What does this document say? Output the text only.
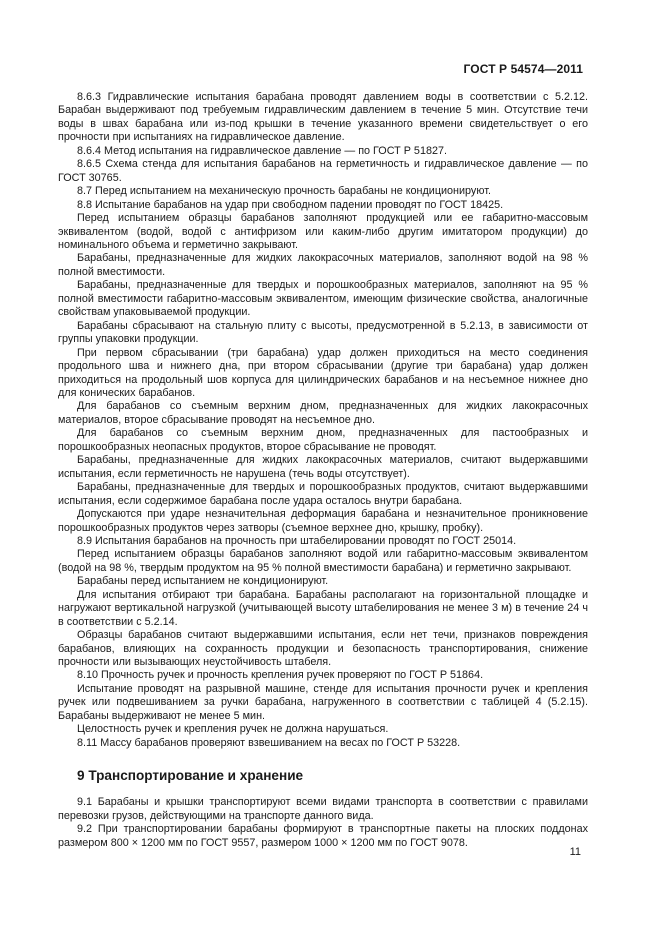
ГОСТ Р 54574—2011

8.6.3 Гидравлические испытания барабана проводят давлением воды в соответствии с 5.2.12. Барабан выдерживают под требуемым гидравлическим давлением в течение 5 мин. Отсутствие течи воды в швах барабана или из-под крышки в течение указанного времени свидетельствует о его прочности при испытаниях на гидравлическое давление.

8.6.4 Метод испытания на гидравлическое давление — по ГОСТ Р 51827.

8.6.5 Схема стенда для испытания барабанов на герметичность и гидравлическое давление — по ГОСТ 30765.

8.7 Перед испытанием на механическую прочность барабаны не кондиционируют.

8.8 Испытание барабанов на удар при свободном падении проводят по ГОСТ 18425.

Перед испытанием образцы барабанов заполняют продукцией или ее габаритно-массовым эквивалентом (водой, водой с антифризом или каким-либо другим имитатором продукции) до номинального объема и герметично закрывают.

Барабаны, предназначенные для жидких лакокрасочных материалов, заполняют водой на 98 % полной вместимости.

Барабаны, предназначенные для твердых и порошкообразных материалов, заполняют на 95 % полной вместимости габаритно-массовым эквивалентом, имеющим физические свойства, аналогичные свойствам упаковываемой продукции.

Барабаны сбрасывают на стальную плиту с высоты, предусмотренной в 5.2.13, в зависимости от группы упаковки продукции.

При первом сбрасывании (три барабана) удар должен приходиться на место соединения продольного шва и нижнего дна, при втором сбрасывании (другие три барабана) удар должен приходиться на продольный шов корпуса для цилиндрических барабанов и на несъемное нижнее дно для конических барабанов.

Для барабанов со съемным верхним дном, предназначенных для жидких лакокрасочных материалов, второе сбрасывание проводят на несъемное дно.

Для барабанов со съемным верхним дном, предназначенных для пастообразных и порошкообразных неопасных продуктов, второе сбрасывание не проводят.

Барабаны, предназначенные для жидких лакокрасочных материалов, считают выдержавшими испытания, если герметичность не нарушена (течь воды отсутствует).

Барабаны, предназначенные для твердых и порошкообразных продуктов, считают выдержавшими испытания, если содержимое барабана после удара осталось внутри барабана.

Допускаются при ударе незначительная деформация барабана и незначительное проникновение порошкообразных продуктов через затворы (съемное верхнее дно, крышку, пробку).

8.9 Испытания барабанов на прочность при штабелировании проводят по ГОСТ 25014.

Перед испытанием образцы барабанов заполняют водой или габаритно-массовым эквивалентом (водой на 98 %, твердым продуктом на 95 % полной вместимости барабана) и герметично закрывают.

Барабаны перед испытанием не кондиционируют.

Для испытания отбирают три барабана. Барабаны располагают на горизонтальной площадке и нагружают вертикальной нагрузкой (учитывающей высоту штабелирования не менее 3 м) в течение 24 ч в соответствии с 5.2.14.

Образцы барабанов считают выдержавшими испытания, если нет течи, признаков повреждения барабанов, влияющих на сохранность продукции и безопасность транспортирования, снижение прочности или вызывающих неустойчивость штабеля.

8.10 Прочность ручек и прочность крепления ручек проверяют по ГОСТ Р 51864.

Испытание проводят на разрывной машине, стенде для испытания прочности ручек и крепления ручек или подвешиванием за ручки барабана, нагруженного в соответствии с таблицей 4 (5.2.15). Барабаны выдерживают не менее 5 мин.

Целостность ручек и крепления ручек не должна нарушаться.

8.11 Массу барабанов проверяют взвешиванием на весах по ГОСТ Р 53228.

9 Транспортирование и хранение

9.1 Барабаны и крышки транспортируют всеми видами транспорта в соответствии с правилами перевозки грузов, действующими на транспорте данного вида.

9.2 При транспортировании барабаны формируют в транспортные пакеты на плоских поддонах размером 800 × 1200 мм по ГОСТ 9557, размером 1000 × 1200 мм по ГОСТ 9078.

11
